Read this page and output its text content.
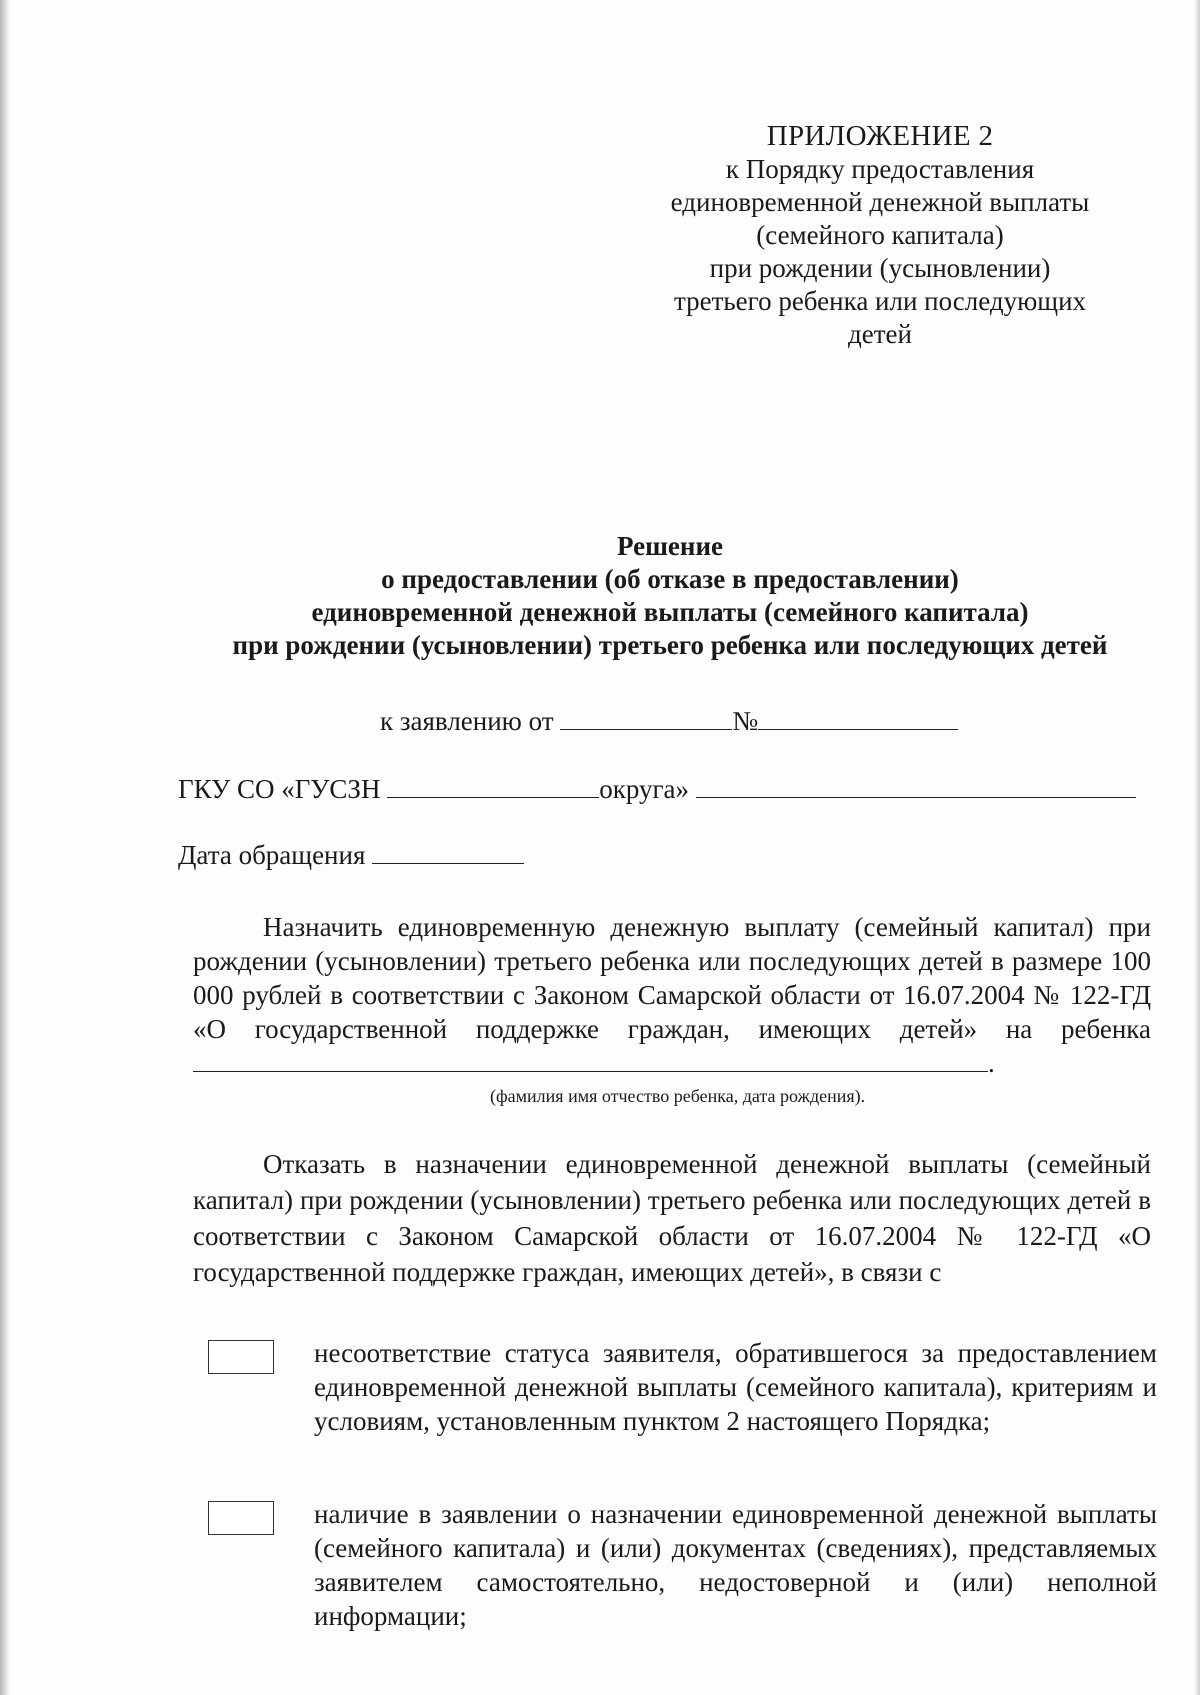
ПРИЛОЖЕНИЕ 2
к Порядку предоставления
единовременной денежной выплаты
(семейного капитала)
при рождении (усыновлении)
третьего ребенка или последующих
детей
Решение
о предоставлении (об отказе в предоставлении)
единовременной денежной выплаты (семейного капитала)
при рождении (усыновлении) третьего ребенка или последующих детей
к заявлению от	№
ГКУ СО «ГУСЗН	округа»
Дата обращения
Назначить единовременную денежную выплату (семейный капитал) при рождении (усыновлении) третьего ребенка или последующих детей в размере 100 000 рублей в соответствии с Законом Самарской области от 16.07.2004 № 122-ГД «О государственной поддержке граждан, имеющих детей» на ребенка .
(фамилия имя отчество ребенка, дата рождения).
Отказать в назначении единовременной денежной выплаты (семейный капитал) при рождении (усыновлении) третьего ребенка или последующих детей в соответствии с Законом Самарской области от 16.07.2004 № 122-ГД «О государственной поддержке граждан, имеющих детей», в связи с
несоответствие статуса заявителя, обратившегося за предоставлением единовременной денежной выплаты (семейного капитала), критериям и условиям, установленным пунктом 2 настоящего Порядка;
наличие в заявлении о назначении единовременной денежной выплаты (семейного капитала) и (или) документах (сведениях), представляемых заявителем самостоятельно, недостоверной и (или) неполной информации;
